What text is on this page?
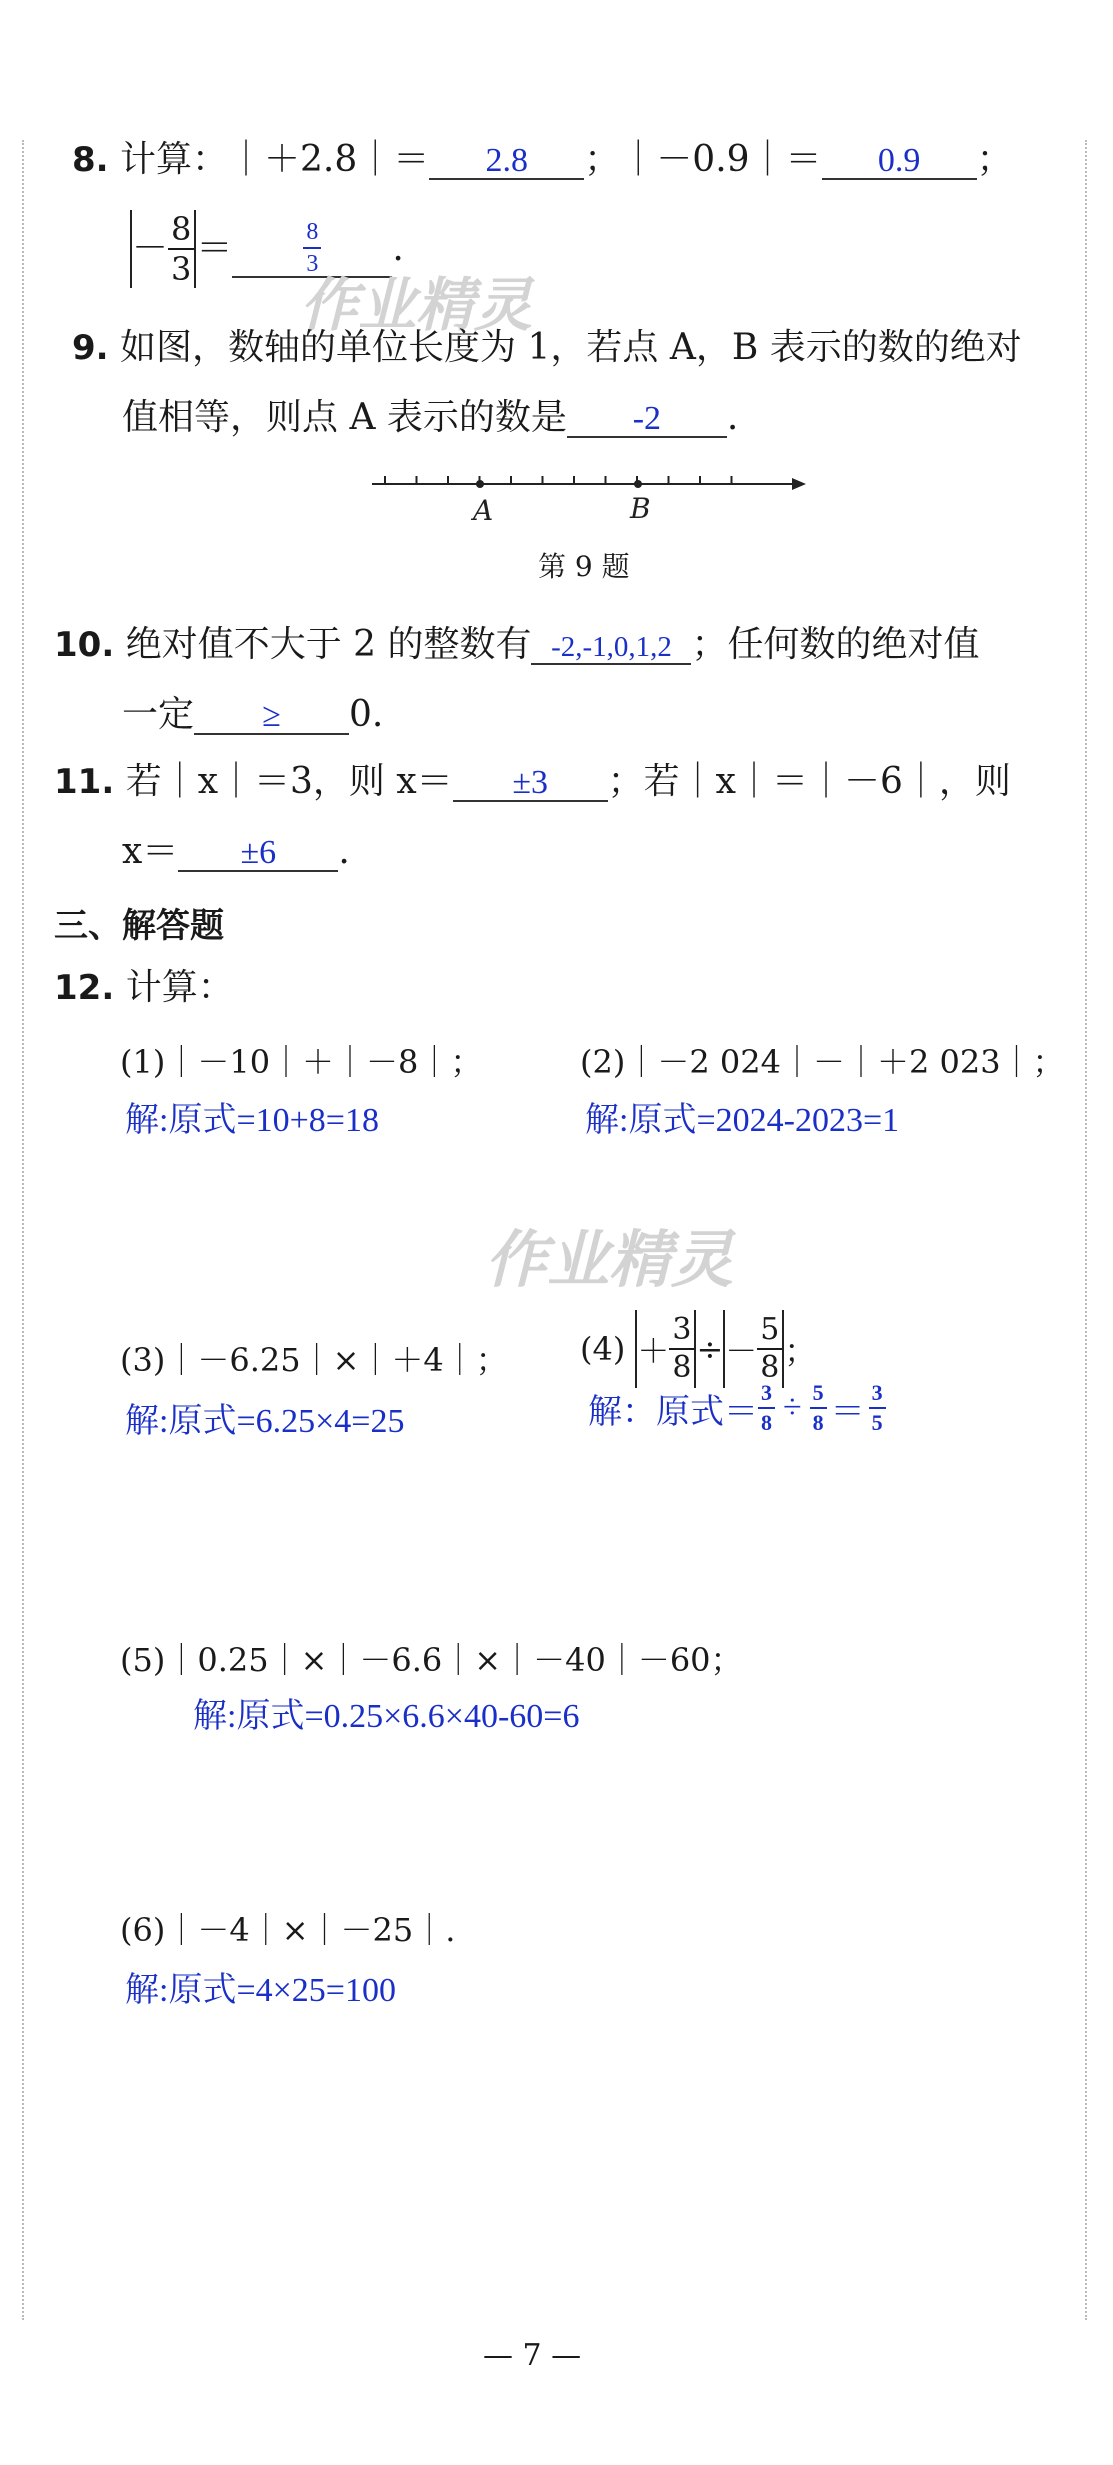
8. 计算：｜＋2.8｜＝ 2.8 ；｜－0.9｜＝ 0.9 ；
－ $\frac{8}{3}$ ＝	$\frac{8}{3}$ .
作业精灵
9. 如图，数轴的单位长度为 1，若点 A，B 表示的数的绝对
值相等，则点 A 表示的数是 -2 .
A	B
第 9 题
10. 绝对值不大于 2 的整数有 -2,-1,0,1,2 ；任何数的绝对值
一定 ≥ 0.
11. 若｜x｜＝3，则 x＝ ±3 ；若｜x｜＝｜－6｜，则
x＝ ±6 .
三、解答题
12. 计算：
(1)｜－10｜＋｜－8｜；	(2)｜－2 024｜－｜＋2 023｜；
解:原式=10+8=18	解:原式=2024-2023=1
作业精灵
(3)｜－6.25｜×｜＋4｜； $(4) + \frac{3}{8}$ ÷ － $\frac{5}{8}$ ；
解:原式=6.25×4=25	解：原式＝ $\frac{3}{8} \div \frac{5}{8} = \frac{3}{5}$
(5)｜0.25｜×｜－6.6｜×｜－40｜－60；
解:原式=0.25×6.6×40-60=6
(6)｜－4｜×｜－25｜.
解:原式=4×25=100
— 7 —
